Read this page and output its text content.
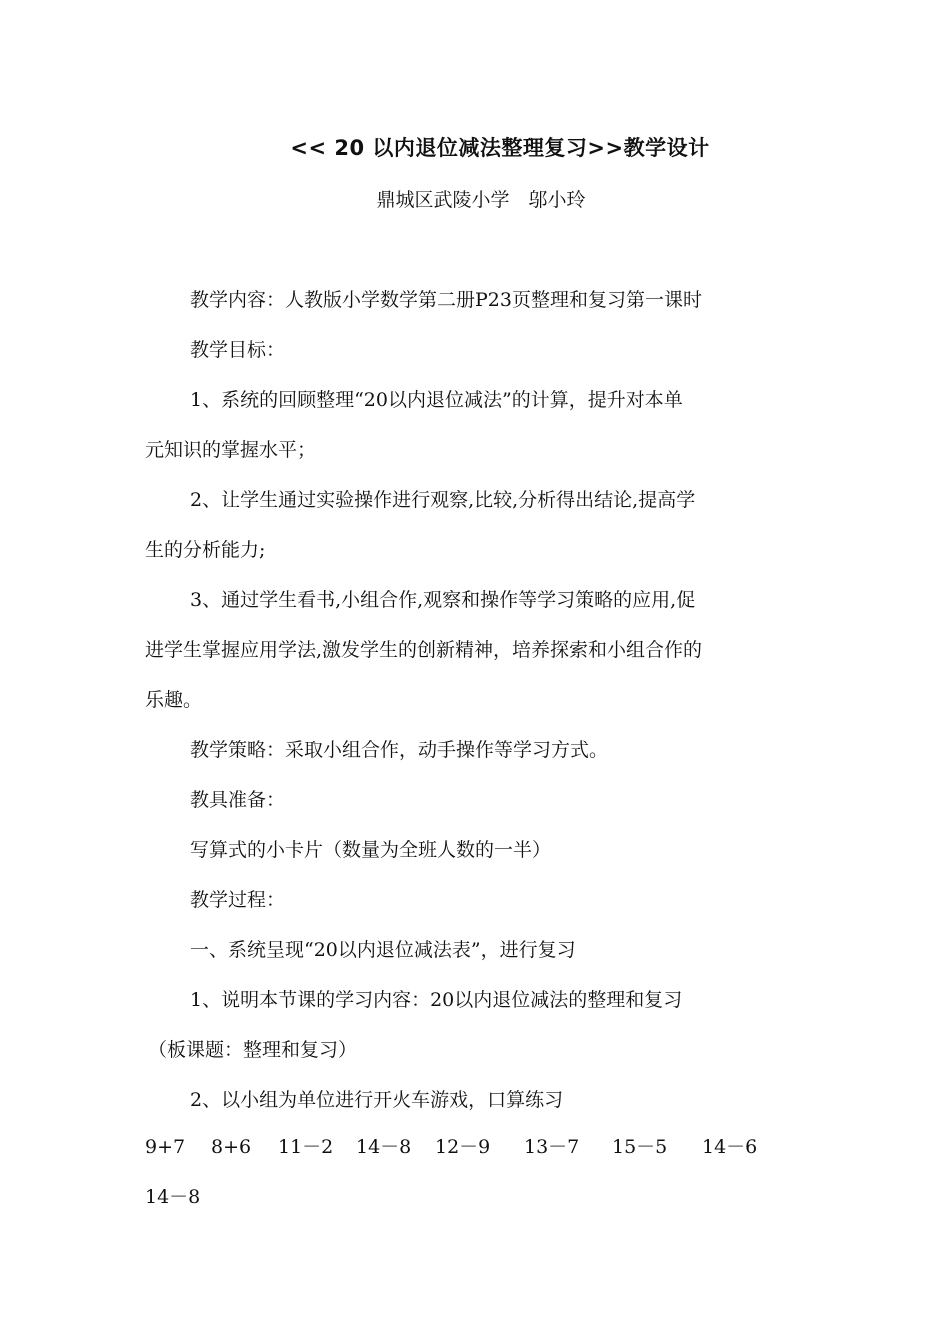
<< 20 以内退位减法整理复习>>教学设计
鼎城区武陵小学　邬小玲
教学内容：人教版小学数学第二册P23页整理和复习第一课时
教学目标：
1、系统的回顾整理“20以内退位减法”的计算，提升对本单
元知识的掌握水平；
2、让学生通过实验操作进行观察,比较,分析得出结论,提高学
生的分析能力;
3、通过学生看书,小组合作,观察和操作等学习策略的应用,促
进学生掌握应用学法,激发学生的创新精神，培养探索和小组合作的
乐趣。
教学策略：采取小组合作，动手操作等学习方式。
教具准备：
写算式的小卡片（数量为全班人数的一半）
教学过程：
一、系统呈现“20以内退位减法表”，进行复习
1、说明本节课的学习内容：20以内退位减法的整理和复习
（板课题：整理和复习）
2、以小组为单位进行开火车游戏，口算练习
9+7 8+6 11－2 14－8 12－9 13－7 15－5 14－6
14－8
